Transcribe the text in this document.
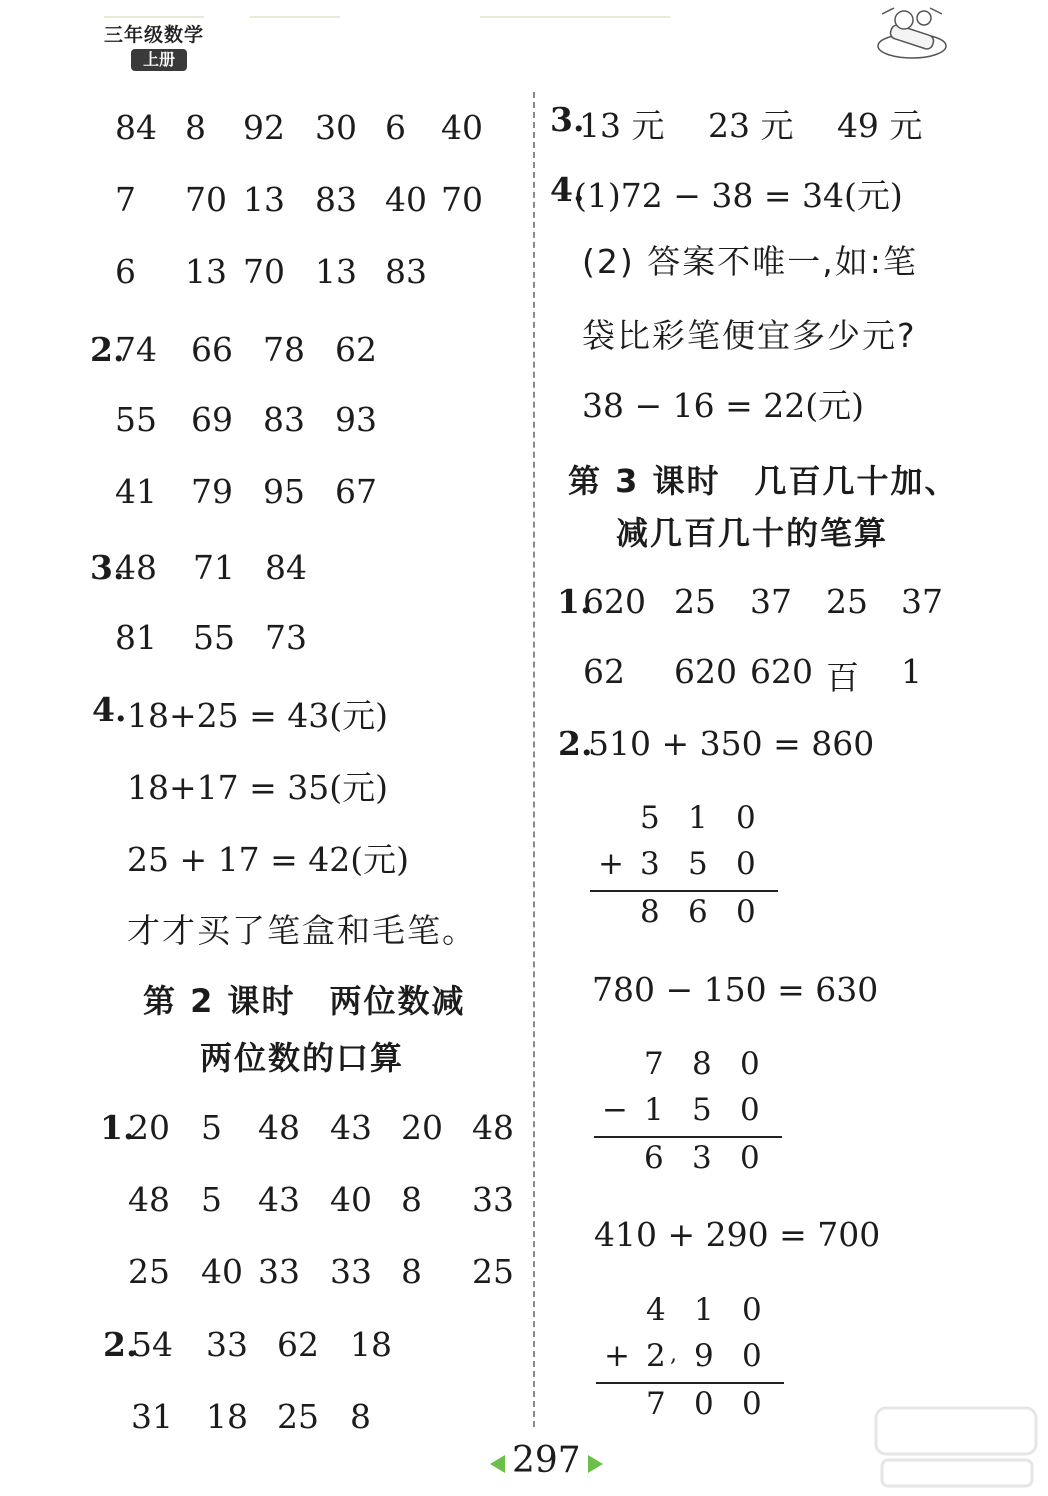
三年级数学
上册
84 8 92 30 6 40
7 70 13 83 40 70
6 13 70 13 83
2.
74 66 78 62
55 69 83 93
41 79 95 67
3.
48 71 84
81 55 73
4. 18+25 = 43(元)
18+17 = 35(元)
25 + 17 = 42(元)
才才买了笔盒和毛笔。
第 2 课时　两位数减
两位数的口算
1.
20 5 48 43 20 48
48 5 43 40 8 33
25 40 33 33 8 25
2.
54 33 62 18
31 18 25 8
3.
13 元　 23 元　 49 元
4.
(1)72 − 38 = 34(元)
(2) 答案不唯一,如:笔
袋比彩笔便宜多少元?
38 − 16 = 22(元)
第 3 课时　几百几十加、
减几百几十的笔算
1.
620 25 37 25 37
62 620 620 百 1
2.
510 + 350 = 860
5 1 0
+ 3 5 0
8 6 0
780 − 150 = 630
7 8 0
− 1 5 0
6 3 0
410 + 290 = 700
4 1 0
+ 2 9 0
,
7 0 0
297
